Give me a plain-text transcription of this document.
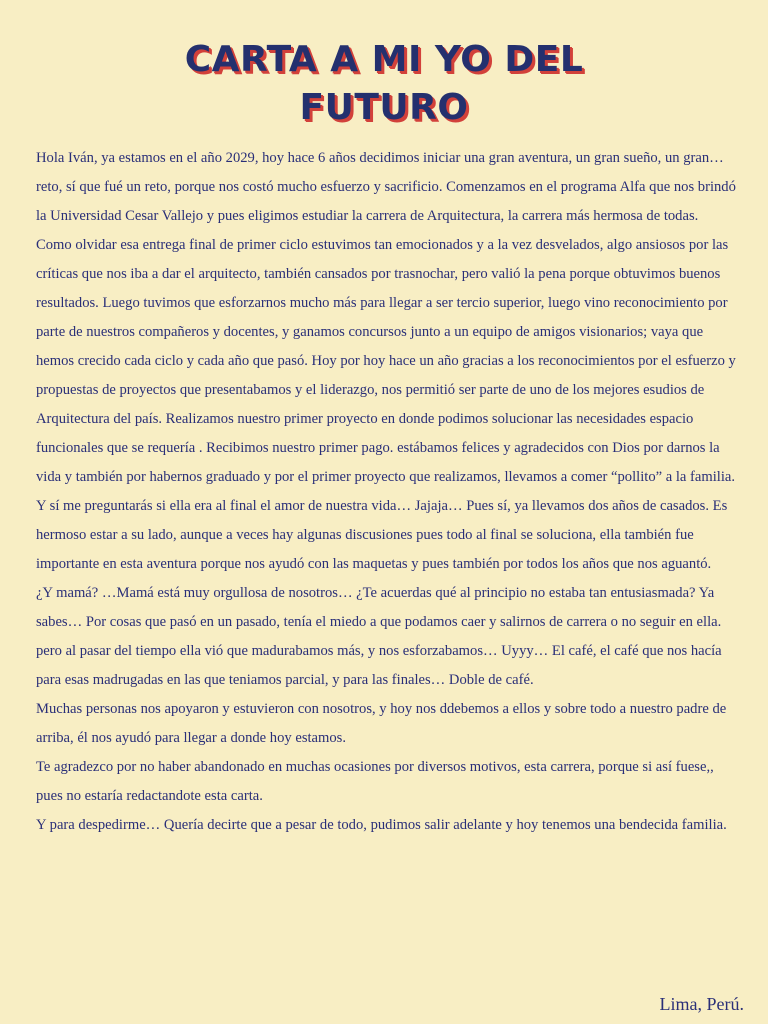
CARTA A MI YO DEL
FUTURO

Hola Iván, ya estamos en el año 2029, hoy hace 6 años decidimos iniciar una gran aventura, un gran sueño, un gran… reto, sí que fué un reto, porque nos costó mucho esfuerzo y sacrificio. Comenzamos en el programa Alfa que nos brindó la Universidad Cesar Vallejo y pues eligimos estudiar la carrera de Arquitectura, la carrera más hermosa de todas.

Como olvidar esa entrega final de primer ciclo estuvimos tan emocionados y a la vez desvelados, algo ansiosos por las críticas que nos iba a dar el arquitecto, también cansados por trasnochar, pero valió la pena porque obtuvimos buenos resultados. Luego tuvimos que esforzarnos mucho más para llegar a ser tercio superior, luego vino reconocimiento por parte de nuestros compañeros y docentes, y ganamos concursos junto a un equipo de amigos visionarios; vaya que hemos crecido cada ciclo y cada año que pasó. Hoy por hoy hace un año gracias a los reconocimientos por el esfuerzo y propuestas de proyectos que presentabamos y el liderazgo, nos permitió ser parte de uno de los mejores esudios de Arquitectura del país. Realizamos nuestro primer proyecto en donde podimos solucionar las necesidades espacio funcionales que se requería . Recibimos nuestro primer pago. estábamos felices y agradecidos con Dios por darnos la vida y también por habernos graduado y por el primer proyecto que realizamos, llevamos a comer “pollito” a la familia.

Y sí me preguntarás si ella era al final el amor de nuestra vida… Jajaja… Pues sí, ya llevamos dos años de casados. Es hermoso estar a su lado, aunque a veces hay algunas discusiones pues todo al final se soluciona, ella también fue importante en esta aventura porque nos ayudó con las maquetas y pues también por todos los años que nos aguantó.

¿Y mamá? …Mamá está muy orgullosa de nosotros… ¿Te acuerdas qué al principio no estaba tan entusiasmada? Ya sabes… Por cosas que pasó en un pasado, tenía el miedo a que podamos caer y salirnos de carrera o no seguir en ella. pero al pasar del tiempo ella vió que madurabamos más, y nos esforzabamos… Uyyy… El café, el café que nos hacía para esas madrugadas en las que teniamos parcial, y para las finales… Doble de café.

Muchas personas nos apoyaron y estuvieron con nosotros, y hoy nos ddebemos a ellos y sobre todo a nuestro padre de arriba, él nos ayudó para llegar a donde hoy estamos.

Te agradezco por no haber abandonado en muchas ocasiones por diversos motivos, esta carrera, porque si así fuese,, pues no estaría redactandote esta carta.

Y para despedirme… Quería decirte que a pesar de todo, pudimos salir adelante y hoy tenemos una bendecida familia.

Lima, Perú.
